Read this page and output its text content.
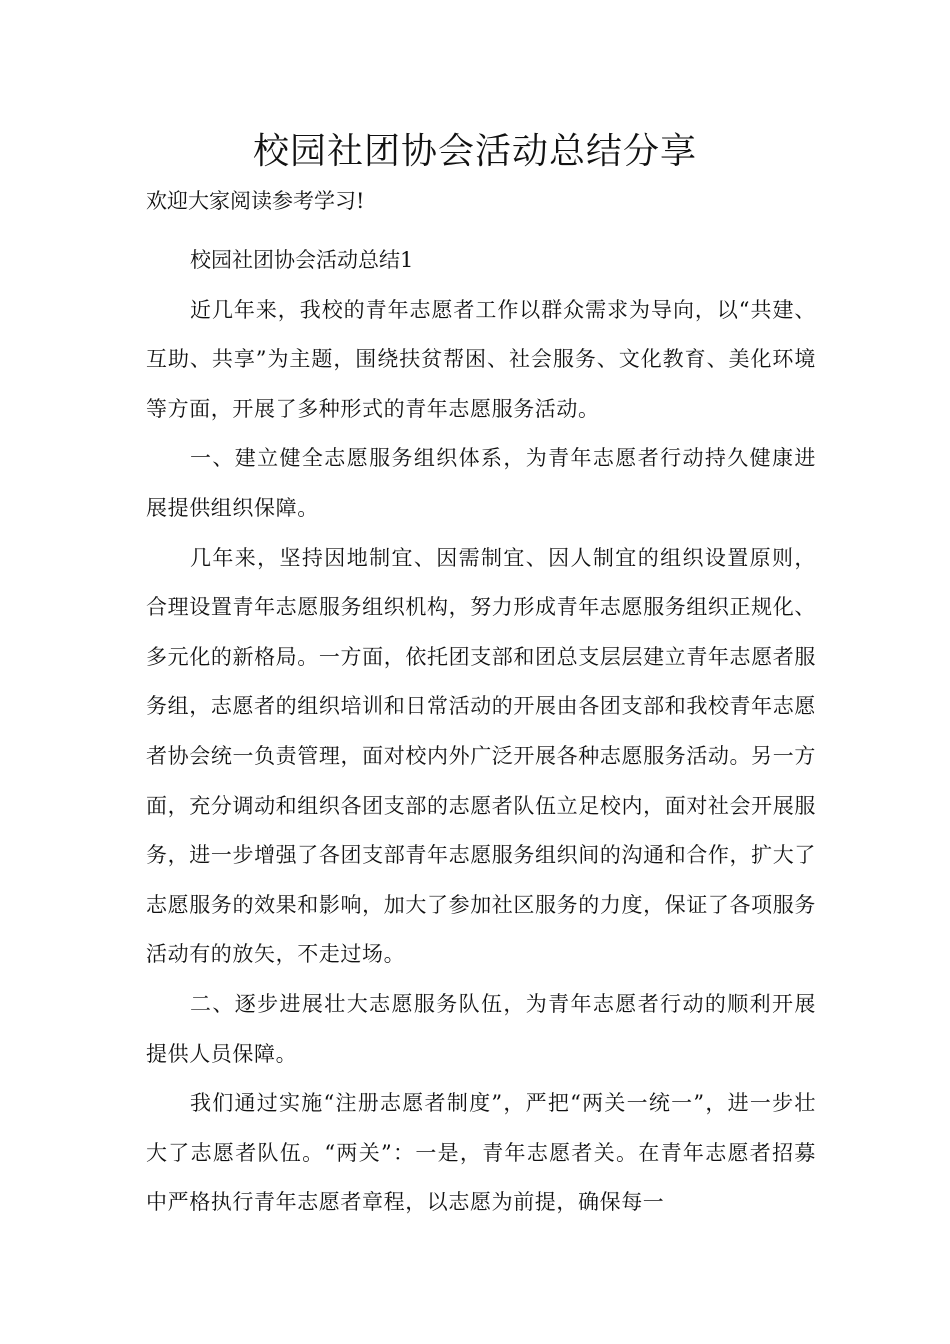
校园社团协会活动总结分享
欢迎大家阅读参考学习!

校园社团协会活动总结1

近几年来，我校的青年志愿者工作以群众需求为导向，以“共建、互助、共享”为主题，围绕扶贫帮困、社会服务、文化教育、美化环境等方面，开展了多种形式的青年志愿服务活动。

一、建立健全志愿服务组织体系，为青年志愿者行动持久健康进展提供组织保障。

几年来，坚持因地制宜、因需制宜、因人制宜的组织设置原则，合理设置青年志愿服务组织机构，努力形成青年志愿服务组织正规化、多元化的新格局。一方面，依托团支部和团总支层层建立青年志愿者服务组，志愿者的组织培训和日常活动的开展由各团支部和我校青年志愿者协会统一负责管理，面对校内外广泛开展各种志愿服务活动。另一方面，充分调动和组织各团支部的志愿者队伍立足校内，面对社会开展服务，进一步增强了各团支部青年志愿服务组织间的沟通和合作，扩大了志愿服务的效果和影响，加大了参加社区服务的力度，保证了各项服务活动有的放矢，不走过场。

二、逐步进展壮大志愿服务队伍，为青年志愿者行动的顺利开展提供人员保障。

我们通过实施“注册志愿者制度”，严把“两关一统一”，进一步壮大了志愿者队伍。“两关”：一是，青年志愿者关。在青年志愿者招募中严格执行青年志愿者章程，以志愿为前提，确保每一
